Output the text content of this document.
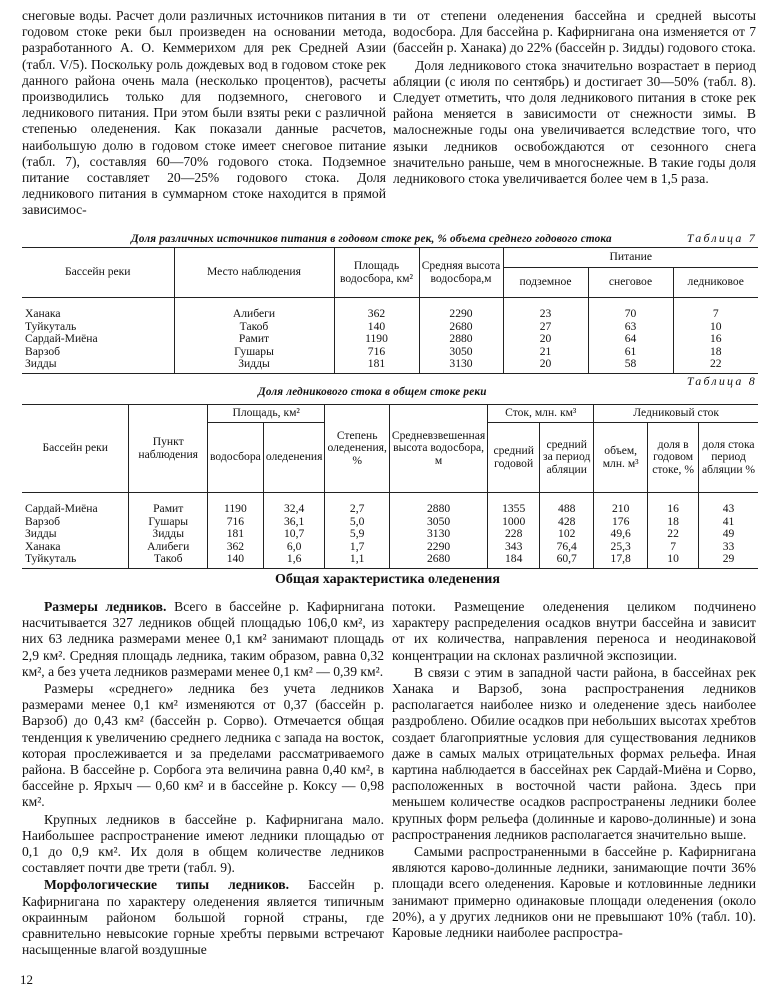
снеговые воды. Расчет доли различных источников питания в годовом стоке реки был произведен на основании метода, разработанного А. О. Кеммерихом для рек Средней Азии (табл. V/5). Поскольку роль дождевых вод в годовом стоке рек данного района очень мала (несколько процентов), расчеты производились только для подземного, снегового и ледникового питания. При этом были взяты реки с различной степенью оледенения. Как показали данные расчетов, наибольшую долю в годовом стоке имеет снеговое питание (табл. 7), составляя 60—70% годового стока. Подземное питание составляет 20—25% годового стока. Доля ледникового питания в суммарном стоке находится в прямой зависимос-

ти от степени оледенения бассейна и средней высоты водосбора. Для бассейна р. Кафирнигана она изменяется от 7 (бассейн р. Ханака) до 22% (бассейн р. Зидды) годового стока.

Доля ледникового стока значительно возрастает в период абляции (с июля по сентябрь) и достигает 30—50% (табл. 8). Следует отметить, что доля ледникового питания в стоке рек района меняется в зависимости от снежности зимы. В малоснежные годы она увеличивается вследствие того, что языки ледников освобождаются от сезонного снега значительно раньше, чем в многоснежные. В такие годы доля ледникового стока увеличивается более чем в 1,5 раза.

Таблица 7
Доля различных источников питания в годовом стоке рек, % объема среднего годового стока
Бассейн реки	Место наблюдения	Площадь водосбора, км²	Средняя высота водосбора,м	Питание		
				подземное	снеговое	ледниковое
Ханака	Алибеги	362	2290	23	70	7
Туйкуталь	Такоб	140	2680	27	63	10
Сардай-Миёна	Рамит	1190	2880	20	64	16
Варзоб	Гушары	716	3050	21	61	18
Зидды	Зидды	181	3130	20	58	22
Таблица 8
Доля ледникового стока в общем стоке реки
Бассейн реки	Пункт наблюдения	Площадь, км²		Степень оледенения, %	Средневзвешенная высота водосбора, м	Сток, млн. км³		Ледниковый сток		
		водосбора	оледенения			средний годовой	средний за период абляции	объем, млн. м³	доля в годовом стоке, %	доля стока период абляции %
Сардай-Миёна	Рамит	1190	32,4	2,7	2880	1355	488	210	16	43
Варзоб	Гушары	716	36,1	5,0	3050	1000	428	176	18	41
Зидды	Зидды	181	10,7	5,9	3130	228	102	49,6	22	49
Ханака	Алибеги	362	6,0	1,7	2290	343	76,4	25,3	7	33
Туйкуталь	Такоб	140	1,6	1,1	2680	184	60,7	17,8	10	29
Общая характеристика оледенения

Размеры ледников. Всего в бассейне р. Кафирнигана насчитывается 327 ледников общей площадью 106,0 км², из них 63 ледника размерами менее 0,1 км² занимают площадь 2,9 км². Средняя площадь ледника, таким образом, равна 0,32 км², а без учета ледников размерами менее 0,1 км² — 0,39 км².

Размеры «среднего» ледника без учета ледников размерами менее 0,1 км² изменяются от 0,37 (бассейн р. Варзоб) до 0,43 км² (бассейн р. Сорво). Отмечается общая тенденция к увеличению среднего ледника с запада на восток, которая прослеживается и за пределами рассматриваемого района. В бассейне р. Сорбога эта величина равна 0,40 км², в бассейне р. Ярхыч — 0,60 км² и в бассейне р. Коксу — 0,98 км².

Крупных ледников в бассейне р. Кафирнигана мало. Наибольшее распространение имеют ледники площадью от 0,1 до 0,9 км². Их доля в общем количестве ледников составляет почти две трети (табл. 9).

Морфологические типы ледников. Бассейн р. Кафирнигана по характеру оледенения является типичным окраинным районом большой горной страны, где сравнительно невысокие горные хребты первыми встречают насыщенные влагой воздушные

потоки. Размещение оледенения целиком подчинено характеру распределения осадков внутри бассейна и зависит от их количества, направления переноса и неодинаковой концентрации на склонах различной экспозиции.

В связи с этим в западной части района, в бассейнах рек Ханака и Варзоб, зона распространения ледников располагается наиболее низко и оледенение здесь наиболее раздроблено. Обилие осадков при небольших высотах хребтов создает благоприятные условия для существования ледников даже в самых малых отрицательных формах рельефа. Иная картина наблюдается в бассейнах рек Сардай-Миёна и Сорво, расположенных в восточной части района. Здесь при меньшем количестве осадков распространены ледники более крупных форм рельефа (долинные и карово-долинные) и зона распространения ледников располагается значительно выше.

Самыми распространенными в бассейне р. Кафирнигана являются карово-долинные ледники, занимающие почти 36% площади всего оледенения. Каровые и котловинные ледники занимают примерно одинаковые площади оледенения (около 20%), а у других ледников они не превышают 10% (табл. 10). Каровые ледники наиболее распростра-

12
